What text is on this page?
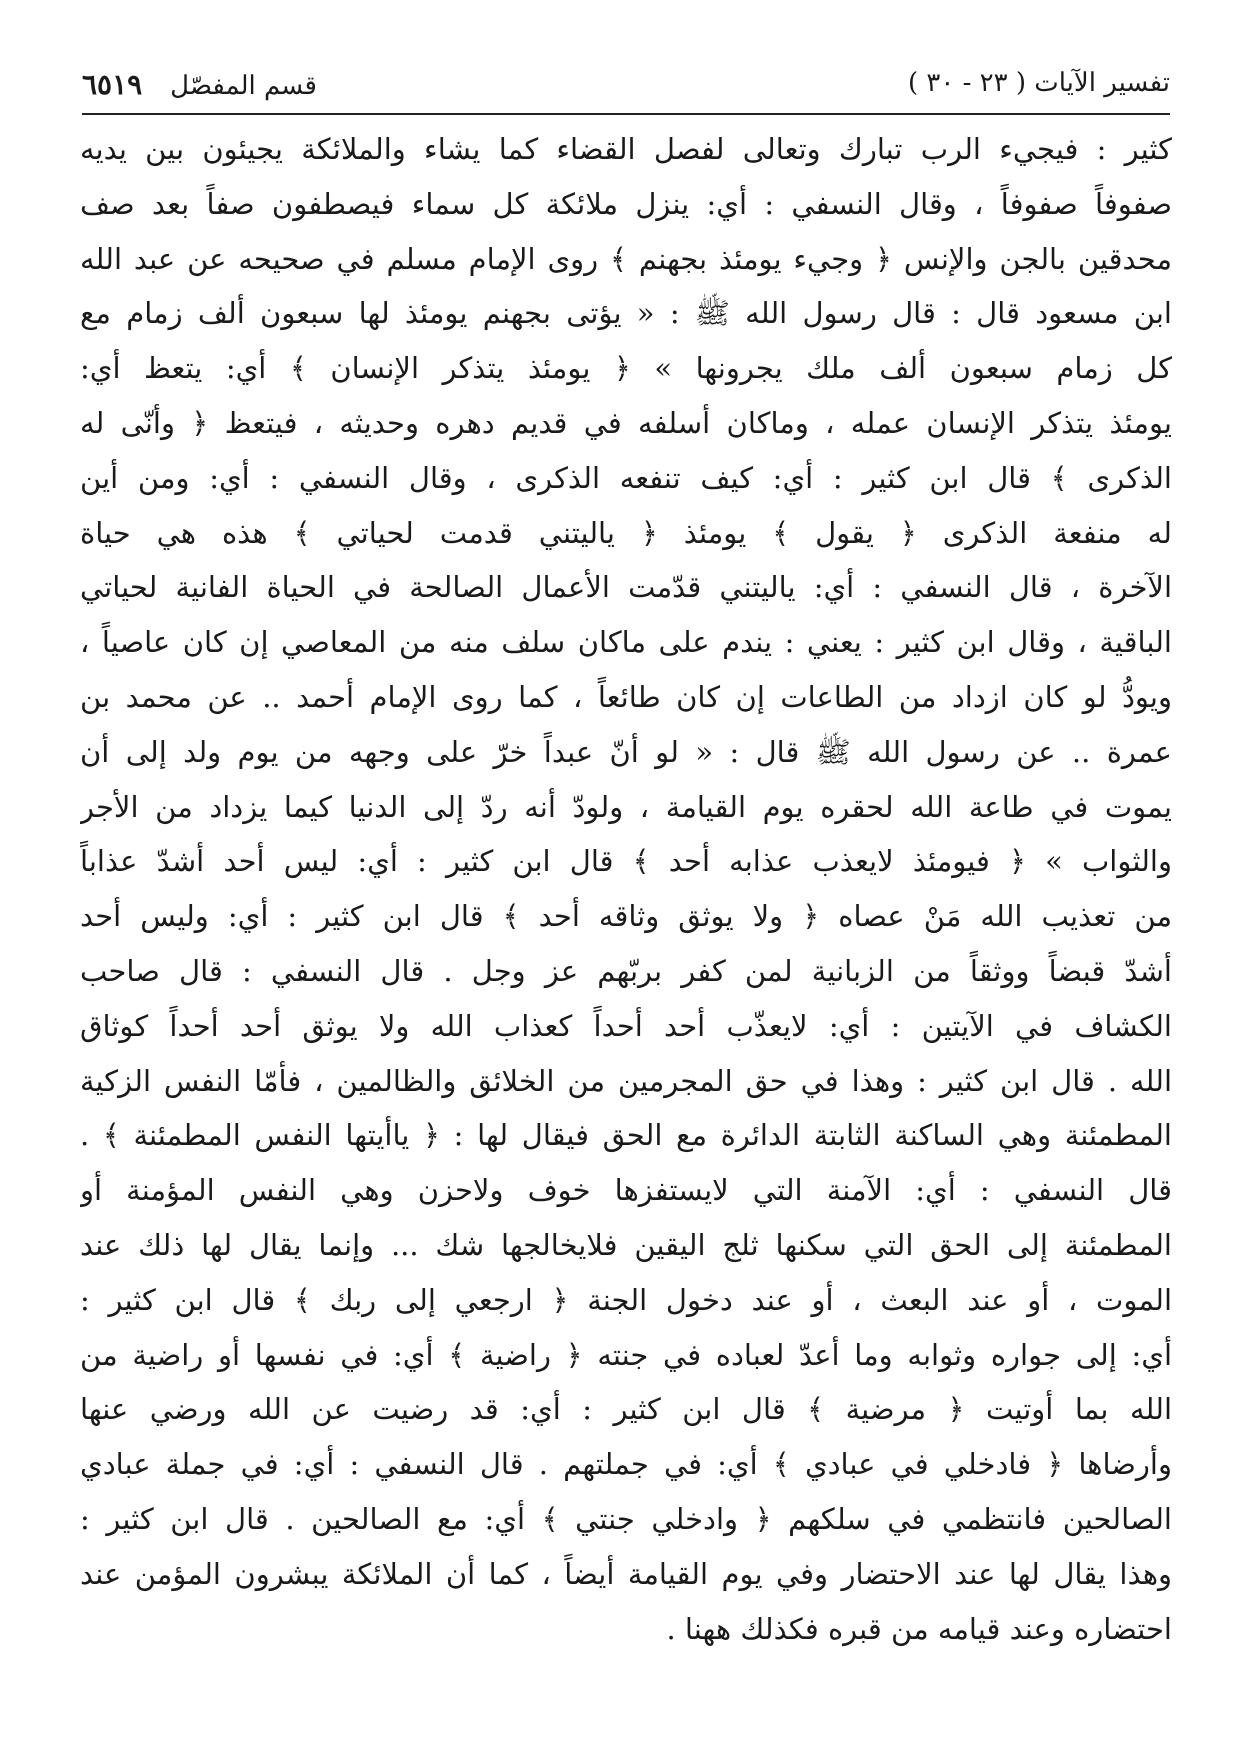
قسم المفصّل
٦٥١٩	تفسير الآيات ( ٢٣ - ٣٠ )
كثير : فيجيء الرب تبارك وتعالى لفصل القضاء كما يشاء والملائكة يجيئون بين يديه
صفوفاً صفوفاً ، وقال النسفي : أي: ينزل ملائكة كل سماء فيصطفون صفاً بعد صف
محدقين بالجن والإنس ﴿ وجيء يومئذ بجهنم ﴾ روى الإمام مسلم في صحيحه عن عبد الله
ابن مسعود قال : قال رسول الله ﷺ : « يؤتى بجهنم يومئذ لها سبعون ألف زمام مع
كل زمام سبعون ألف ملك يجرونها » ﴿ يومئذ يتذكر الإنسان ﴾ أي: يتعظ أي:
يومئذ يتذكر الإنسان عمله ، وماكان أسلفه في قديم دهره وحديثه ، فيتعظ ﴿ وأنّى له
الذكرى ﴾ قال ابن كثير : أي: كيف تنفعه الذكرى ، وقال النسفي : أي: ومن أين
له منفعة الذكرى ﴿ يقول ﴾ يومئذ ﴿ ياليتني قدمت لحياتي ﴾ هذه هي حياة
الآخرة ، قال النسفي : أي: ياليتني قدّمت الأعمال الصالحة في الحياة الفانية لحياتي
الباقية ، وقال ابن كثير : يعني : يندم على ماكان سلف منه من المعاصي إن كان عاصياً ،
ويودُّ لو كان ازداد من الطاعات إن كان طائعاً ، كما روى الإمام أحمد .. عن محمد بن
عمرة .. عن رسول الله ﷺ قال : « لو أنّ عبداً خرّ على وجهه من يوم ولد إلى أن
يموت في طاعة الله لحقره يوم القيامة ، ولودّ أنه ردّ إلى الدنيا كيما يزداد من الأجر
والثواب » ﴿ فيومئذ لايعذب عذابه أحد ﴾ قال ابن كثير : أي: ليس أحد أشدّ عذاباً
من تعذيب الله مَنْ عصاه ﴿ ولا يوثق وثاقه أحد ﴾ قال ابن كثير : أي: وليس أحد
أشدّ قبضاً ووثقاً من الزبانية لمن كفر بربّهم عز وجل . قال النسفي : قال صاحب
الكشاف في الآيتين : أي: لايعذّب أحد أحداً كعذاب الله ولا يوثق أحد أحداً كوثاق
الله . قال ابن كثير : وهذا في حق المجرمين من الخلائق والظالمين ، فأمّا النفس الزكية
المطمئنة وهي الساكنة الثابتة الدائرة مع الحق فيقال لها : ﴿ ياأيتها النفس المطمئنة ﴾ .
قال النسفي : أي: الآمنة التي لايستفزها خوف ولاحزن وهي النفس المؤمنة أو
المطمئنة إلى الحق التي سكنها ثلج اليقين فلايخالجها شك ... وإنما يقال لها ذلك عند
الموت ، أو عند البعث ، أو عند دخول الجنة ﴿ ارجعي إلى ربك ﴾ قال ابن كثير :
أي: إلى جواره وثوابه وما أعدّ لعباده في جنته ﴿ راضية ﴾ أي: في نفسها أو راضية من
الله بما أوتيت ﴿ مرضية ﴾ قال ابن كثير : أي: قد رضيت عن الله ورضي عنها
وأرضاها ﴿ فادخلي في عبادي ﴾ أي: في جملتهم . قال النسفي : أي: في جملة عبادي
الصالحين فانتظمي في سلكهم ﴿ وادخلي جنتي ﴾ أي: مع الصالحين . قال ابن كثير :
وهذا يقال لها عند الاحتضار وفي يوم القيامة أيضاً ، كما أن الملائكة يبشرون المؤمن عند
احتضاره وعند قيامه من قبره فكذلك ههنا .
